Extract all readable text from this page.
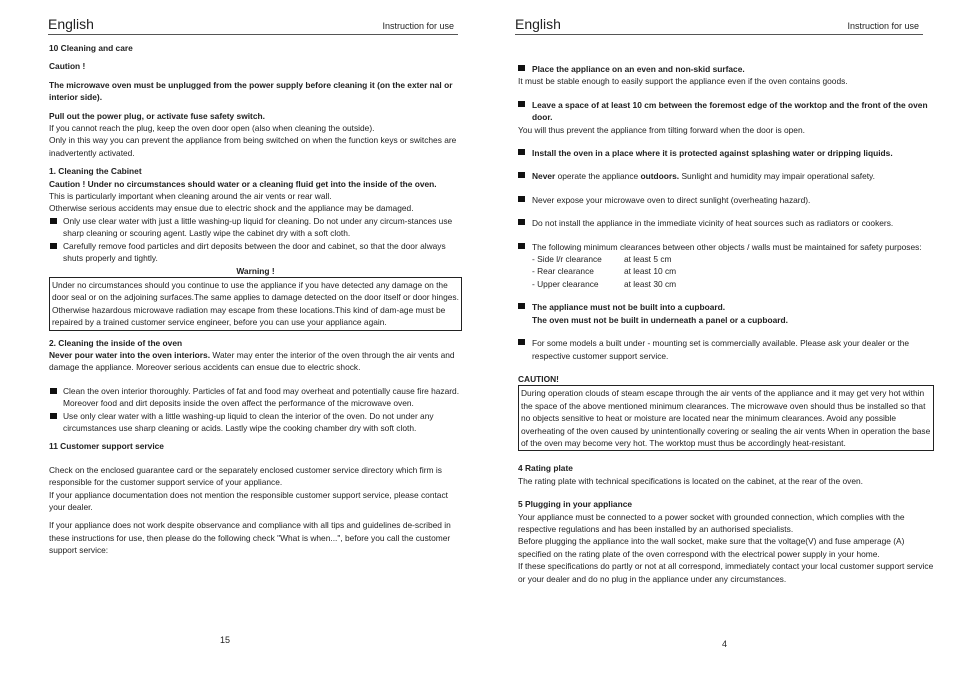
English	Instruction for use

10 Cleaning and care

Caution !

The microwave oven must be unplugged from the power supply before cleaning it (on the exter nal or interior side).

Pull out the power plug, or activate fuse safety switch.

If you cannot reach the plug, keep the oven door open (also when cleaning the outside).

Only in this way you can prevent the appliance from being switched on when the function keys or switches are inadvertently activated.

1. Cleaning the Cabinet

Caution ! Under no circumstances should water or a cleaning fluid get into the inside of the oven.

This is particularly important when cleaning around the air vents or rear wall.

Otherwise serious accidents may ensue due to electric shock and the appliance may be damaged.

Only use clear water with just a little washing-up liquid for cleaning. Do not under any circum-stances use sharp cleaning or scouring agent. Lastly wipe the cabinet dry with a soft cloth.

Carefully remove food particles and dirt deposits between the door and cabinet, so that the door always shuts properly and tightly.

Warning !

Under no circumstances should you continue to use the appliance if you have detected any damage on the door seal or on the adjoining surfaces.The same applies to damage detected on the door itself or door hinges. Otherwise hazardous microwave radiation may escape from these locations.This kind of dam-age must be repaired by a trained customer service engineer, before you can use your appliance again.

2. Cleaning the inside of the oven

Never pour water into the oven interiors. Water may enter the interior of the oven through the air vents and damage the appliance. Moreover serious accidents can ensue due to electric shock.

Clean the oven interior thoroughly. Particles of fat and food may overheat and potentially cause fire hazard. Moreover food and dirt deposits inside the oven affect the performance of the microwave oven.

Use only clear water with a little washing-up liquid to clean the interior of the oven. Do not under any circumstances use sharp cleaning or acids. Lastly wipe the cooking chamber dry with soft cloth.

11 Customer support service

Check on the enclosed guarantee card or the separately enclosed customer service directory which firm is responsible for the customer support service of your appliance.

If your appliance documentation does not mention the responsible customer support service, please contact your dealer.

If your appliance does not work despite observance and compliance with all tips and guidelines de-scribed in these instructions for use, then please do the following check "What is when...", before you call the customer support service:

15
English	Instruction for use
Place the appliance on an even and non-skid surface.

It must be stable enough to easily support the appliance even if the oven contains goods.

Leave a space of at least 10 cm between the foremost edge of the worktop and the front of the oven door.

You will thus prevent the appliance from tilting forward when the door is open.

Install the oven in a place where it is protected against splashing water or dripping liquids.
Never operate the appliance outdoors. Sunlight and humidity may impair operational safety.
Never expose your microwave oven to direct sunlight (overheating hazard).
Do not install the appliance in the immediate vicinity of heat sources such as radiators or cookers.
The following minimum clearances between other objects / walls must be maintained for safety purposes:

- Side l/r clearance	at least 5 cm

- Rear clearance	at least 10 cm

- Upper clearance	at least 30 cm

The appliance must not be built into a cupboard.
The oven must not be built in underneath a panel or a cupboard.
For some models a built under - mounting set is commercially available. Please ask your dealer or the respective customer support service.

CAUTION!

During operation clouds of steam escape through the air vents of the appliance and it may get very hot within the space of the above mentioned minimum clearances. The microwave oven should thus be installed so that no objects sensitive to heat or moisture are located near the minimum clearances. Avoid any possible overheating of the oven caused by unintentionally covering or sealing the air vents When in operation the base of the oven may become very hot. The worktop must thus be accordingly heat-resistant.

4 Rating plate

The rating plate with technical specifications is located on the cabinet, at the rear of the oven.

5 Plugging in your appliance

Your appliance must be connected to a power socket with grounded connection, which complies with the respective regulations and has been installed by an authorised specialists.

Before plugging the appliance into the wall socket, make sure that the voltage(V) and fuse amperage (A) specified on the rating plate of the oven correspond with the electrical power supply in your home.

If these specifications do partly or not at all correspond, immediately contact your local customer support service or your dealer and do no plug in the appliance under any circumstances.

4
